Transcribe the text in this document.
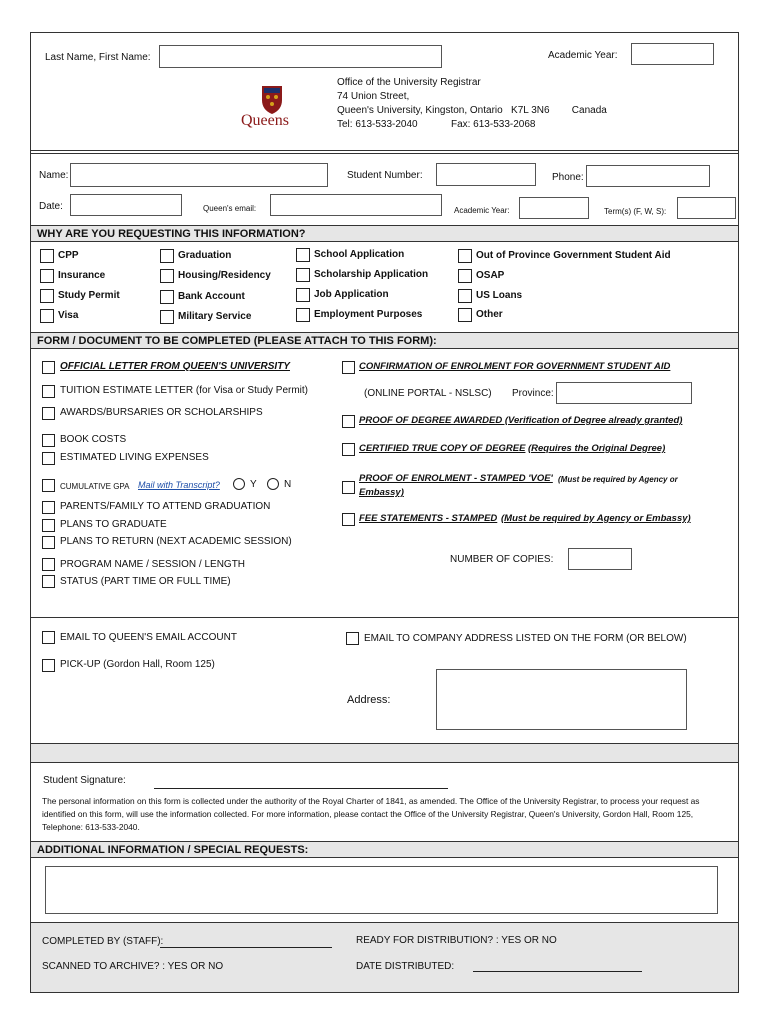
Last Name, First Name:	Academic Year:
Queens
Office of the University Registrar
74 Union Street,
Queen's University, Kingston, Ontario   K7L 3N6        Canada
Tel: 613-533-2040            Fax: 613-533-2068
Name:	Student Number:	Phone:
Date:	Queen's email:	Academic Year:	Term(s) (F, W, S):
WHY ARE YOU REQUESTING THIS INFORMATION?
CPP
Insurance
Study Permit
Visa
Graduation
Housing/Residency
Bank Account
Military Service
School Application
Scholarship Application
Job Application
Employment Purposes
Out of Province Government Student Aid
OSAP
US Loans
Other
FORM / DOCUMENT TO BE COMPLETED (PLEASE ATTACH TO THIS FORM):
OFFICIAL LETTER FROM QUEEN'S UNIVERSITY
TUITION ESTIMATE LETTER (for Visa or Study Permit)
AWARDS/BURSARIES OR SCHOLARSHIPS
BOOK COSTS
ESTIMATED LIVING EXPENSES
CUMULATIVE GPA Mail with Transcript?	Y	N
PARENTS/FAMILY TO ATTEND GRADUATION
PLANS TO GRADUATE
PLANS TO RETURN (NEXT ACADEMIC SESSION)
PROGRAM NAME / SESSION / LENGTH
STATUS (PART TIME OR FULL TIME)
CONFIRMATION OF ENROLMENT FOR GOVERNMENT STUDENT AID
(ONLINE PORTAL - NSLSC) Province:
PROOF OF DEGREE AWARDED (Verification of Degree already granted)
CERTIFIED TRUE COPY OF DEGREE (Requires the Original Degree)
PROOF OF ENROLMENT - STAMPED 'VOE' (Must be required by Agency or
Embassy)
FEE STATEMENTS - STAMPED (Must be required by Agency or Embassy)
NUMBER OF COPIES:
EMAIL TO QUEEN'S EMAIL ACCOUNT
PICK-UP (Gordon Hall, Room 125)
EMAIL TO COMPANY ADDRESS LISTED ON THE FORM (OR BELOW)
Address:
Student Signature:
The personal information on this form is collected under the authority of the Royal Charter of 1841, as amended. The Office of the University Registrar, to process your request as identified on this form, will use the information collected. For more information, please contact the Office of the University Registrar, Queen's University, Gordon Hall, Room 125, Telephone: 613-533-2040.
ADDITIONAL INFORMATION / SPECIAL REQUESTS:
COMPLETED BY (STAFF):	READY FOR DISTRIBUTION? : YES OR NO
SCANNED TO ARCHIVE? : YES OR NO	DATE DISTRIBUTED:
